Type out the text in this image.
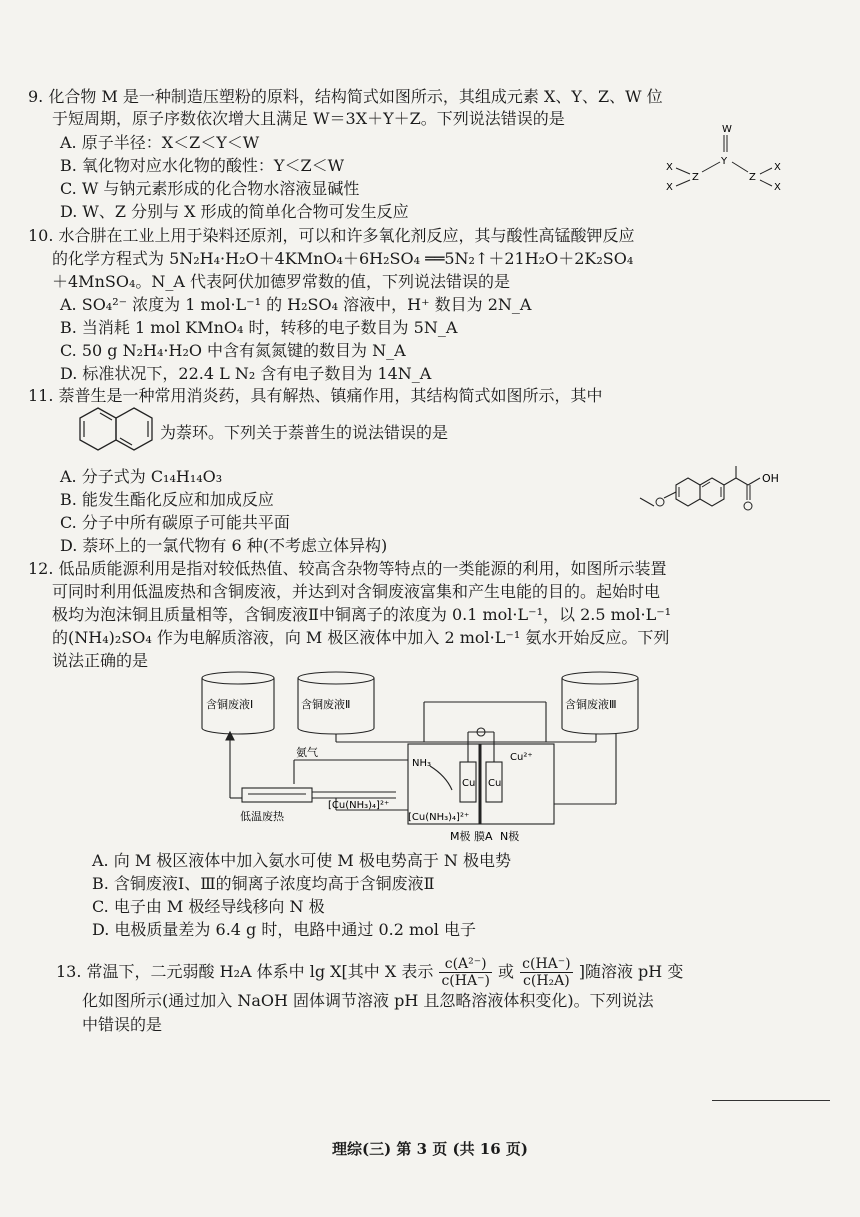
9. 化合物 M 是一种制造压塑粉的原料，结构简式如图所示，其组成元素 X、Y、Z、W 位
于短周期，原子序数依次增大且满足 W＝3X＋Y＋Z。下列说法错误的是
A. 原子半径：X＜Z＜Y＜W
B. 氧化物对应水化物的酸性：Y＜Z＜W
C. W 与钠元素形成的化合物水溶液显碱性
D. W、Z 分别与 X 形成的简单化合物可发生反应
W
Y
Z	Z
X
X
X
X
10. 水合肼在工业上用于染料还原剂，可以和许多氧化剂反应，其与酸性高锰酸钾反应
的化学方程式为 5N₂H₄·H₂O＋4KMnO₄＋6H₂SO₄ ══5N₂↑＋21H₂O＋2K₂SO₄
＋4MnSO₄。N_A 代表阿伏加德罗常数的值，下列说法错误的是
A. SO₄²⁻ 浓度为 1 mol·L⁻¹ 的 H₂SO₄ 溶液中，H⁺ 数目为 2N_A
B. 当消耗 1 mol KMnO₄ 时，转移的电子数目为 5N_A
C. 50 g N₂H₄·H₂O 中含有氮氮键的数目为 N_A
D. 标准状况下，22.4 L N₂ 含有电子数目为 14N_A
11. 萘普生是一种常用消炎药，具有解热、镇痛作用，其结构简式如图所示，其中
为萘环。下列关于萘普生的说法错误的是
A. 分子式为 C₁₄H₁₄O₃
B. 能发生酯化反应和加成反应
C. 分子中所有碳原子可能共平面
D. 萘环上的一氯代物有 6 种(不考虑立体异构)
OH
12. 低品质能源利用是指对较低热值、较高含杂物等特点的一类能源的利用，如图所示装置
可同时利用低温废热和含铜废液，并达到对含铜废液富集和产生电能的目的。起始时电
极均为泡沫铜且质量相等，含铜废液Ⅱ中铜离子的浓度为 0.1 mol·L⁻¹，以 2.5 mol·L⁻¹
的(NH₄)₂SO₄ 作为电解质溶液，向 M 极区液体中加入 2 mol·L⁻¹ 氨水开始反应。下列
说法正确的是
含铜废液Ⅰ	含铜废液Ⅱ	含铜废液Ⅲ
氨气
低温废热
[Cu(NH₃)₄]²⁺
[Cu(NH₃)₄]²⁺
NH₃
Cu Cu
Cu²⁺
M极 膜A N极
A. 向 M 极区液体中加入氨水可使 M 极电势高于 N 极电势
B. 含铜废液Ⅰ、Ⅲ的铜离子浓度均高于含铜废液Ⅱ
C. 电子由 M 极经导线移向 N 极
D. 电极质量差为 6.4 g 时，电路中通过 0.2 mol 电子
13. 常温下，二元弱酸 H₂A 体系中 lg X[其中 X 表示 $\frac{\text{c(A²⁻)}}{c(HA^-)}$ 或 $\frac{c(HA^-)}{\text{c(H₂A)}}$ ]随溶液 pH 变
化如图所示(通过加入 NaOH 固体调节溶液 pH 且忽略溶液体积变化)。下列说法
中错误的是
理综(三) 第 3 页 (共 16 页)
